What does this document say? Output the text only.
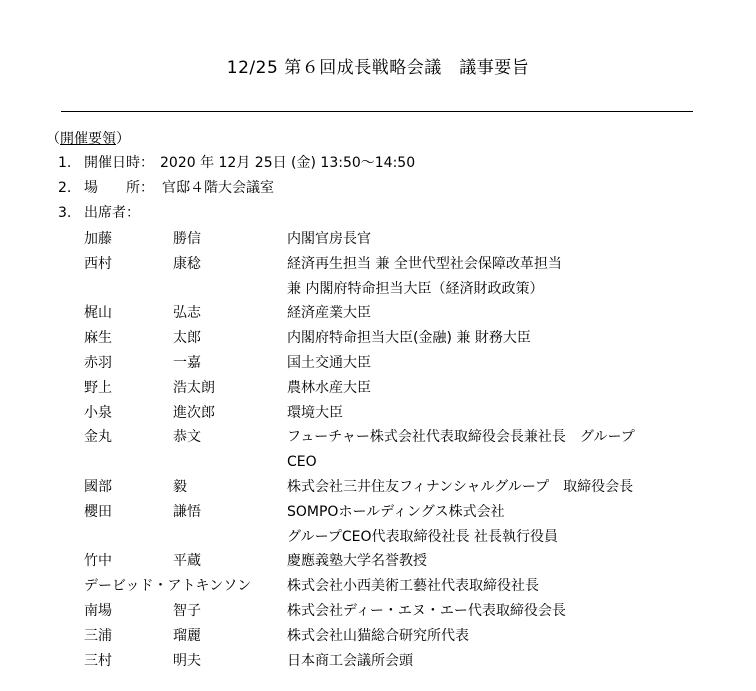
12/25 第６回成長戦略会議　議事要旨
（開催要領）
1. 開催日時： 2020 年 12月 25日 (金) 13:50～14:50
2. 場　　所： 官邸４階大会議室
3. 出席者：
加藤	勝信	内閣官房長官
西村	康稔	経済再生担当 兼 全世代型社会保障改革担当
兼 内閣府特命担当大臣（経済財政政策）
梶山	弘志	経済産業大臣
麻生	太郎	内閣府特命担当大臣(金融) 兼 財務大臣
赤羽	一嘉	国土交通大臣
野上	浩太朗	農林水産大臣
小泉	進次郎	環境大臣
金丸	恭文	フューチャー株式会社代表取締役会長兼社長　グループ
CEO
國部	毅	株式会社三井住友フィナンシャルグループ　取締役会長
櫻田	謙悟	SOMPOホールディングス株式会社
グループCEO代表取締役社長 社長執行役員
竹中	平蔵	慶應義塾大学名誉教授
デービッド・アトキンソン	株式会社小西美術工藝社代表取締役社長
南場	智子	株式会社ディー・エヌ・エー代表取締役会長
三浦	瑠麗	株式会社山猫総合研究所代表
三村	明夫	日本商工会議所会頭
